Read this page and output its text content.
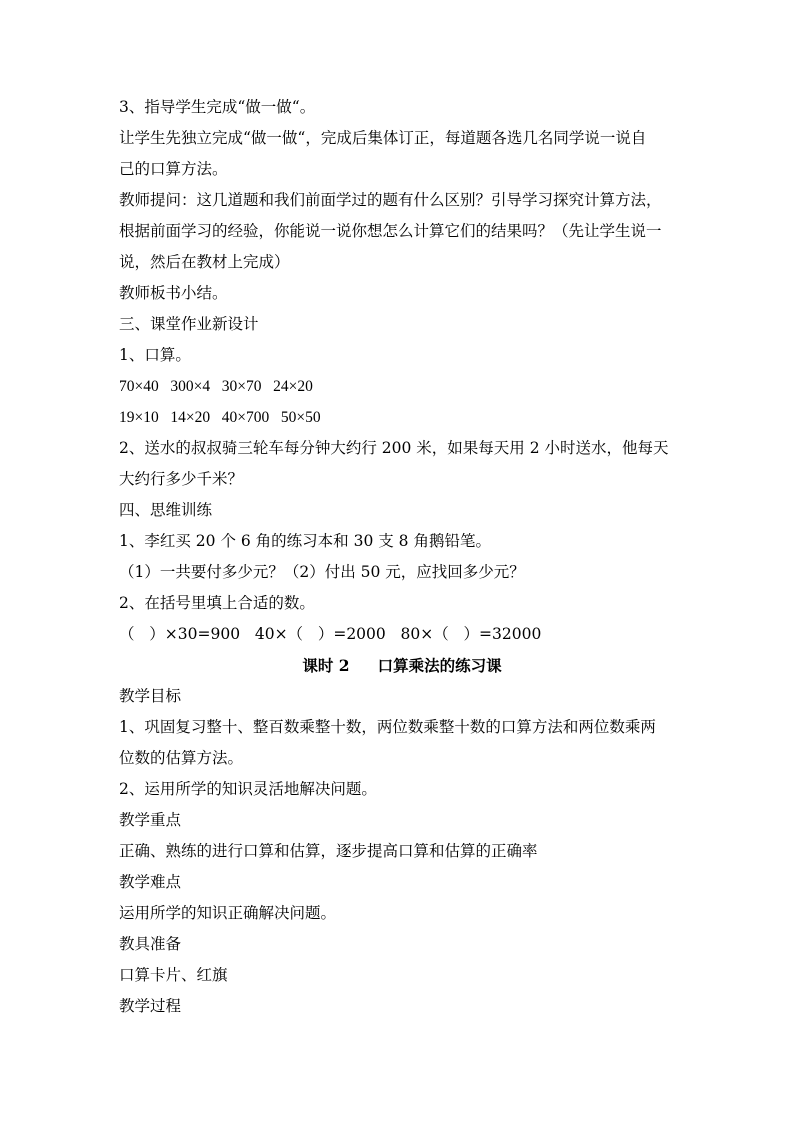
3、指导学生完成“做一做“。
让学生先独立完成“做一做“，完成后集体订正，每道题各选几名同学说一说自
己的口算方法。
教师提问：这几道题和我们前面学过的题有什么区别？引导学习探究计算方法，
根据前面学习的经验，你能说一说你想怎么计算它们的结果吗？（先让学生说一
说，然后在教材上完成）
教师板书小结。
三、课堂作业新设计
1、口算。
70×40   300×4   30×70   24×20
19×10   14×20   40×700   50×50
2、送水的叔叔骑三轮车每分钟大约行 200 米，如果每天用 2 小时送水，他每天
大约行多少千米？
四、思维训练
1、李红买 20 个 6 角的练习本和 30 支 8 角鹅铅笔。
（1）一共要付多少元？（2）付出 50 元，应找回多少元？
2、在括号里填上合适的数。
（   ）×30=900   40×（   ）=2000   80×（   ）=32000
课时 2 口算乘法的练习课
教学目标
1、巩固复习整十、整百数乘整十数，两位数乘整十数的口算方法和两位数乘两
位数的估算方法。
2、运用所学的知识灵活地解决问题。
教学重点
正确、熟练的进行口算和估算，逐步提高口算和估算的正确率
教学难点
运用所学的知识正确解决问题。
教具准备
口算卡片、红旗
教学过程
